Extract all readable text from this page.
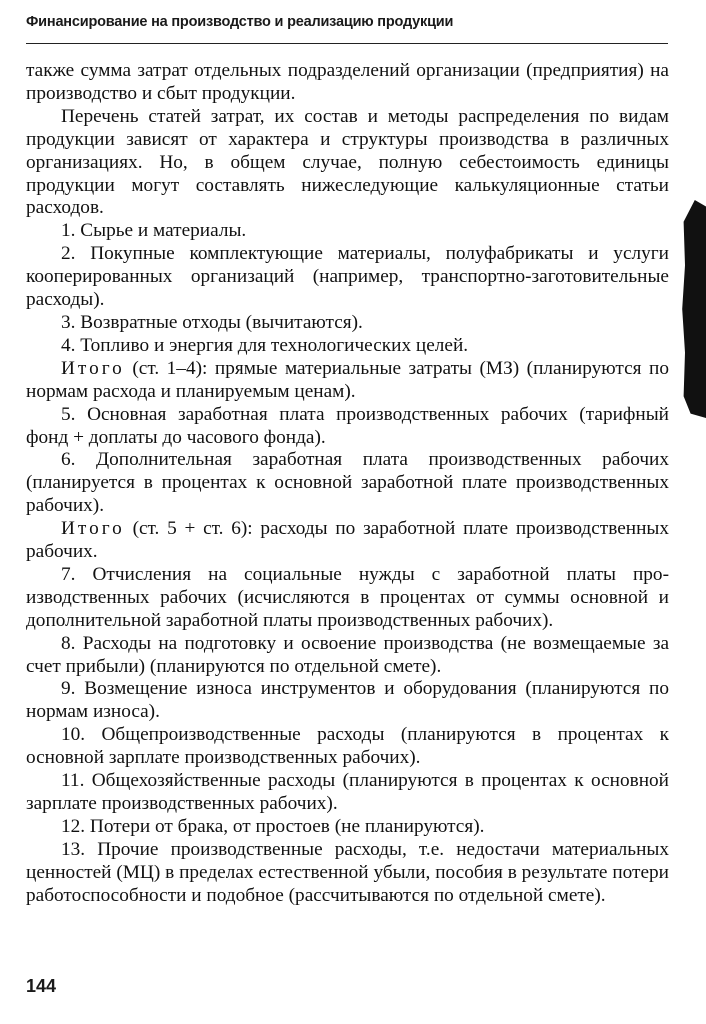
Финансирование на производство и реализацию продукции

также сумма затрат отдельных подразделений организации (предприятия) на производство и сбыт продукции.

Перечень статей затрат, их состав и методы распределения по видам продукции зависят от характера и структуры производства в различных организациях. Но, в общем случае, полную себестоимость единицы продукции могут составлять нижеследующие калькуляционные статьи расходов.

1. Сырье и материалы.

2. Покупные комплектующие материалы, полуфабрикаты и услуги кооперированных организаций (например, транспортно-заготовительные расходы).

3. Возвратные отходы (вычитаются).

4. Топливо и энергия для технологических целей.

Итого (ст. 1–4): прямые материальные затраты (МЗ) (планируются по нормам расхода и планируемым ценам).

5. Основная заработная плата производственных рабочих (тарифный фонд + доплаты до часового фонда).

6. Дополнительная заработная плата производственных рабочих (планируется в процентах к основной заработной плате производственных рабочих).

Итого (ст. 5 + ст. 6): расходы по заработной плате производственных рабочих.

7. Отчисления на социальные нужды с заработной платы производственных рабочих (исчисляются в процентах от суммы основной и дополнительной заработной платы производственных рабочих).

8. Расходы на подготовку и освоение производства (не возмещаемые за счет прибыли) (планируются по отдельной смете).

9. Возмещение износа инструментов и оборудования (планируются по нормам износа).

10. Общепроизводственные расходы (планируются в процентах к основной зарплате производственных рабочих).

11. Общехозяйственные расходы (планируются в процентах к основной зарплате производственных рабочих).

12. Потери от брака, от простоев (не планируются).

13. Прочие производственные расходы, т.е. недостачи материальных ценностей (МЦ) в пределах естественной убыли, пособия в результате потери работоспособности и подобное (рассчитываются по отдельной смете).

144
